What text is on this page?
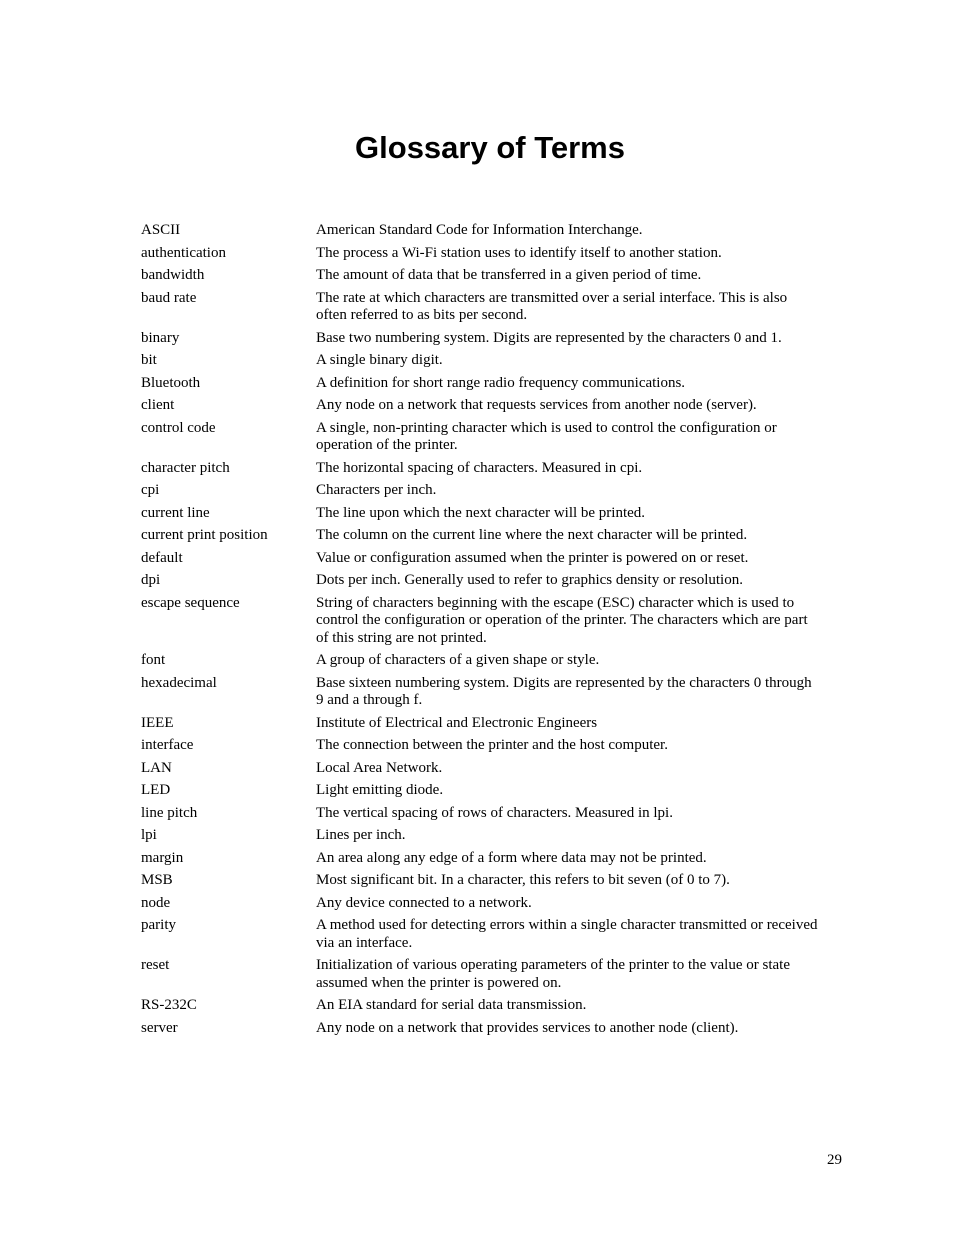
Glossary of Terms
ASCII	American Standard Code for Information Interchange.
authentication	The process a Wi-Fi station uses to identify itself to another station.
bandwidth	The amount of data that be transferred in a given period of time.
baud rate	The rate at which characters are transmitted over a serial interface. This is also often referred to as bits per second.
binary	Base two numbering system. Digits are represented by the characters 0 and 1.
bit	A single binary digit.
Bluetooth	A definition for short range radio frequency communications.
client	Any node on a network that requests services from another node (server).
control code	A single, non-printing character which is used to control the configuration or operation of the printer.
character pitch	The horizontal spacing of characters. Measured in cpi.
cpi	Characters per inch.
current line	The line upon which the next character will be printed.
current print position	The column on the current line where the next character will be printed.
default	Value or configuration assumed when the printer is powered on or reset.
dpi	Dots per inch. Generally used to refer to graphics density or resolution.
escape sequence	String of characters beginning with the escape (ESC) character which is used to control the configuration or operation of the printer. The characters which are part of this string are not printed.
font	A group of characters of a given shape or style.
hexadecimal	Base sixteen numbering system. Digits are represented by the characters 0 through 9 and a through f.
IEEE	Institute of Electrical and Electronic Engineers
interface	The connection between the printer and the host computer.
LAN	Local Area Network.
LED	Light emitting diode.
line pitch	The vertical spacing of rows of characters. Measured in lpi.
lpi	Lines per inch.
margin	An area along any edge of a form where data may not be printed.
MSB	Most significant bit. In a character, this refers to bit seven (of 0 to 7).
node	Any device connected to a network.
parity	A method used for detecting errors within a single character transmitted or received via an interface.
reset	Initialization of various operating parameters of the printer to the value or state assumed when the printer is powered on.
RS-232C	An EIA standard for serial data transmission.
server	Any node on a network that provides services to another node (client).
29
